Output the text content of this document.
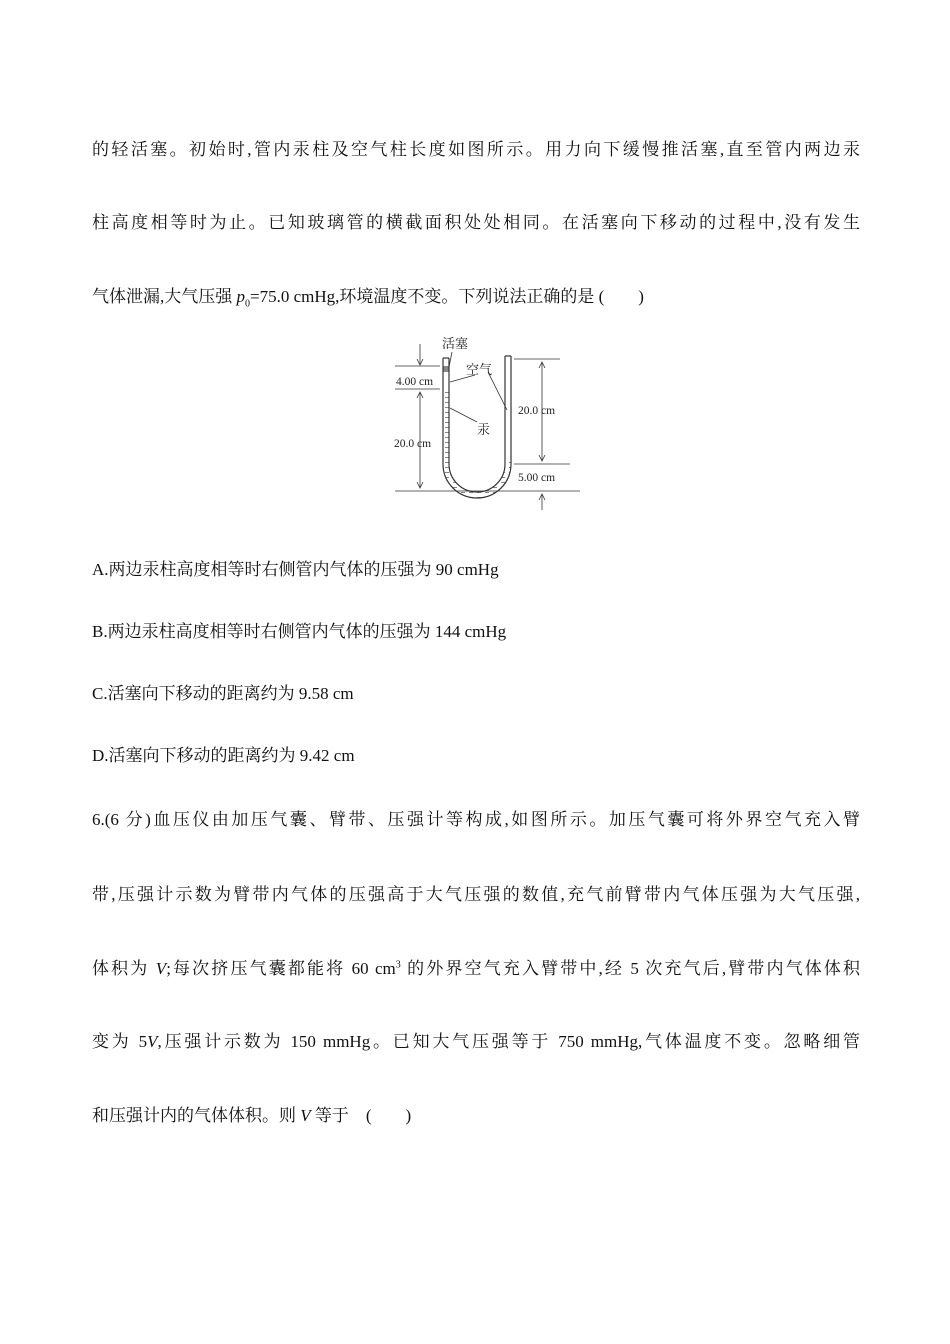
的轻活塞。初始时,管内汞柱及空气柱长度如图所示。用力向下缓慢推活塞,直至管内两边汞
柱高度相等时为止。已知玻璃管的横截面积处处相同。在活塞向下移动的过程中,没有发生
气体泄漏,大气压强 $p_0=75.0$ cmHg,环境温度不变。下列说法正确的是 (　　)
活塞
空气
汞
4.00 cm
20.0 cm
20.0 cm
5.00 cm
A.两边汞柱高度相等时右侧管内气体的压强为 90 cmHg
B.两边汞柱高度相等时右侧管内气体的压强为 144 cmHg
C.活塞向下移动的距离约为 9.58 cm
D.活塞向下移动的距离约为 9.42 cm
6.(6 分)血压仪由加压气囊、臂带、压强计等构成,如图所示。加压气囊可将外界空气充入臂
带,压强计示数为臂带内气体的压强高于大气压强的数值,充气前臂带内气体压强为大气压强,
体积为 V;每次挤压气囊都能将 60 $cm^3$ 的外界空气充入臂带中,经 5 次充气后,臂带内气体体积
变为 5V,压强计示数为 150 mmHg。已知大气压强等于 750 mmHg,气体温度不变。忽略细管
和压强计内的气体体积。则 V 等于　(　　)
